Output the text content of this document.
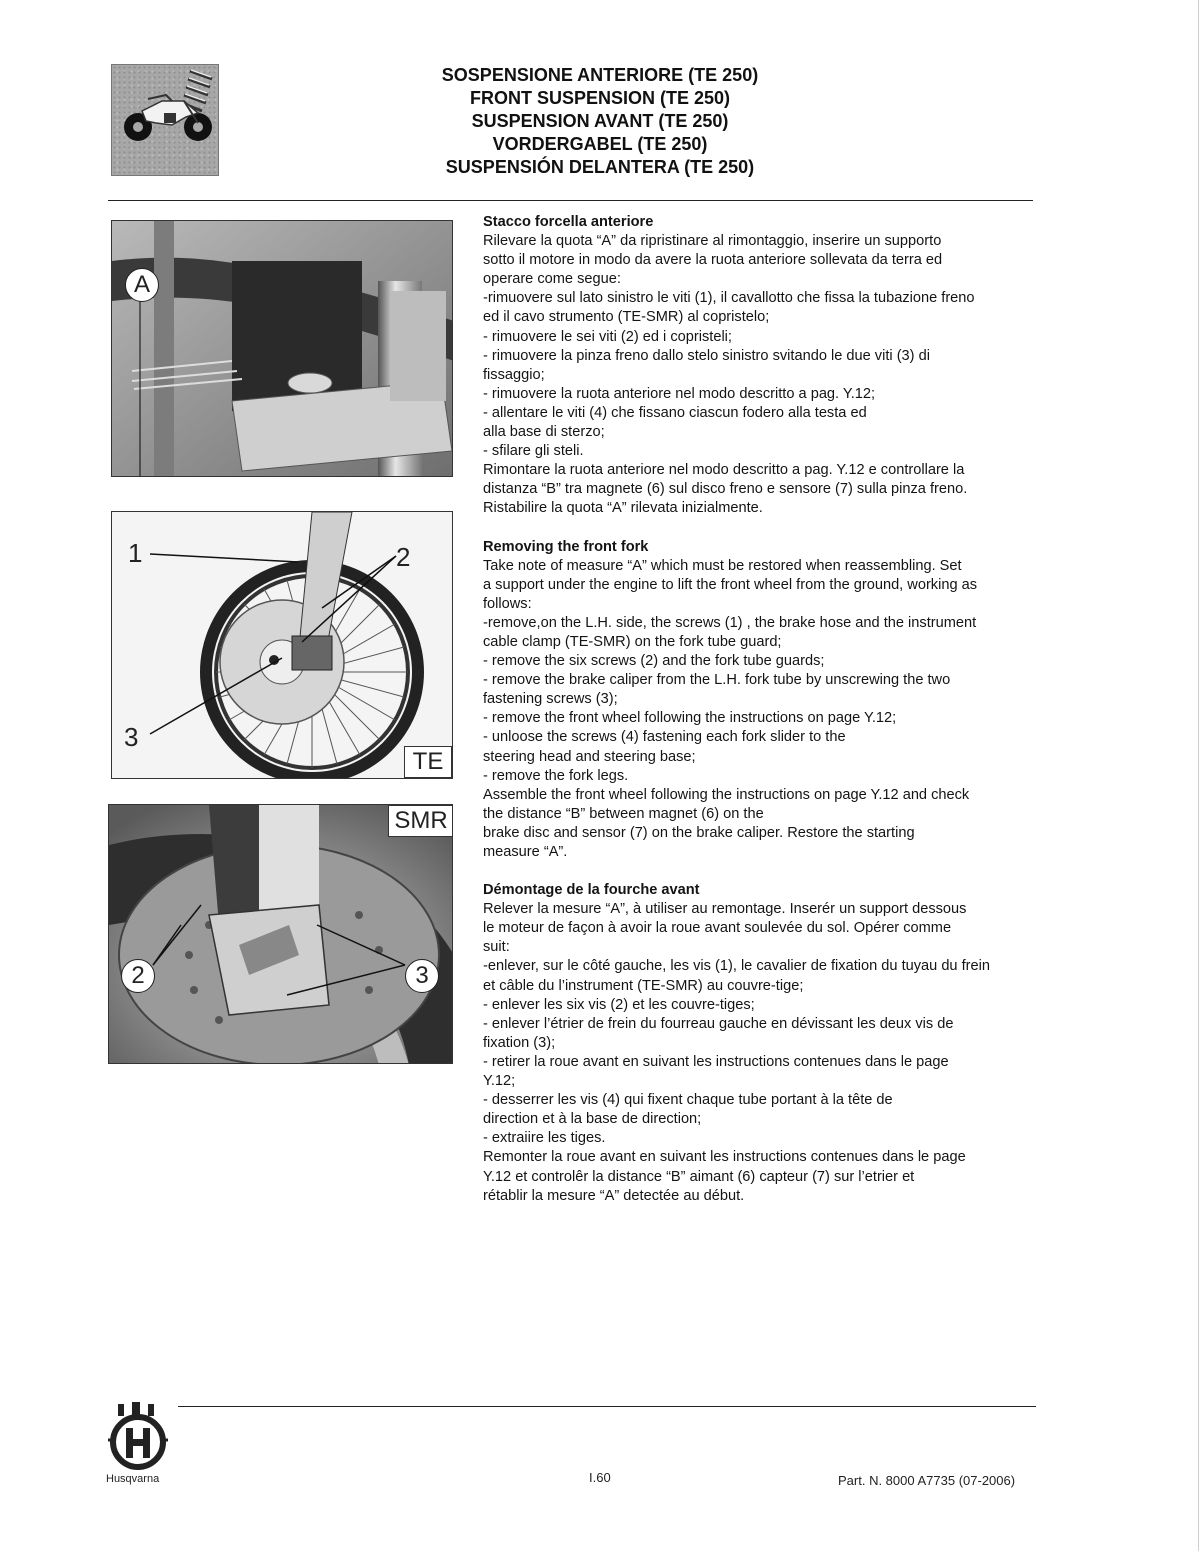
SOSPENSIONE ANTERIORE (TE 250)
FRONT SUSPENSION (TE 250)
SUSPENSION AVANT (TE 250)
VORDERGABEL (TE 250)
SUSPENSIÓN DELANTERA (TE 250)
A
1	2
3
TE
SMR
2	3
Stacco forcella anteriore
Rilevare la quota “A” da ripristinare al rimontaggio, inserire un supporto
sotto il motore in modo da avere la ruota anteriore sollevata da terra ed
operare come segue:
-rimuovere sul lato sinistro le viti (1), il cavallotto che fissa la tubazione freno
ed il cavo strumento (TE-SMR) al copristelo;
- rimuovere le sei viti (2) ed i copristeli;
- rimuovere la pinza freno dallo stelo sinistro svitando le due viti (3) di
fissaggio;
- rimuovere la ruota anteriore nel modo descritto a pag. Y.12;
- allentare le viti (4) che fissano ciascun fodero alla testa ed
alla base di sterzo;
- sfilare gli steli.
Rimontare la ruota anteriore nel modo descritto a pag. Y.12 e controllare la
distanza “B” tra magnete (6) sul disco freno e sensore (7) sulla pinza freno.
Ristabilire la quota “A” rilevata inizialmente.
Removing the front fork
Take note of measure “A” which must be restored when reassembling. Set
a support under the engine to lift the front wheel from the ground, working as
follows:
-remove,on the L.H. side, the screws (1) , the brake hose and the instrument
cable clamp (TE-SMR) on the fork tube guard;
- remove the six screws (2) and the fork tube guards;
- remove the brake caliper from the L.H. fork tube by unscrewing the two
fastening screws (3);
- remove the front wheel following the instructions on page Y.12;
- unloose the screws (4) fastening each fork slider to the
steering head and steering base;
- remove the fork legs.
Assemble the front wheel following the instructions on page Y.12 and check
the distance “B” between magnet (6) on the
brake disc and sensor (7) on the brake caliper. Restore the starting
measure “A”.
Démontage de la fourche avant
Relever la mesure “A”, à utiliser au remontage. Inserér un support dessous
le moteur de façon à avoir la roue avant soulevée du sol. Opérer comme
suit:
-enlever, sur le côté gauche, les vis (1), le cavalier de fixation du tuyau du frein
et câble du l’instrument (TE-SMR) au couvre-tige;
- enlever les six vis (2) et les couvre-tiges;
- enlever l’étrier de frein du fourreau gauche en dévissant les deux vis de
fixation (3);
- retirer la roue avant en suivant les instructions contenues dans le page
Y.12;
- desserrer les vis (4) qui fixent chaque tube portant à la tête de
direction et à la base de direction;
- extraiire les tiges.
Remonter la roue avant en suivant les instructions contenues dans le page
Y.12 et controlêr la distance “B” aimant (6) capteur (7) sur l’etrier et
rétablir la mesure “A” detectée au début.
Husqvarna	I.60	Part. N. 8000 A7735 (07-2006)
